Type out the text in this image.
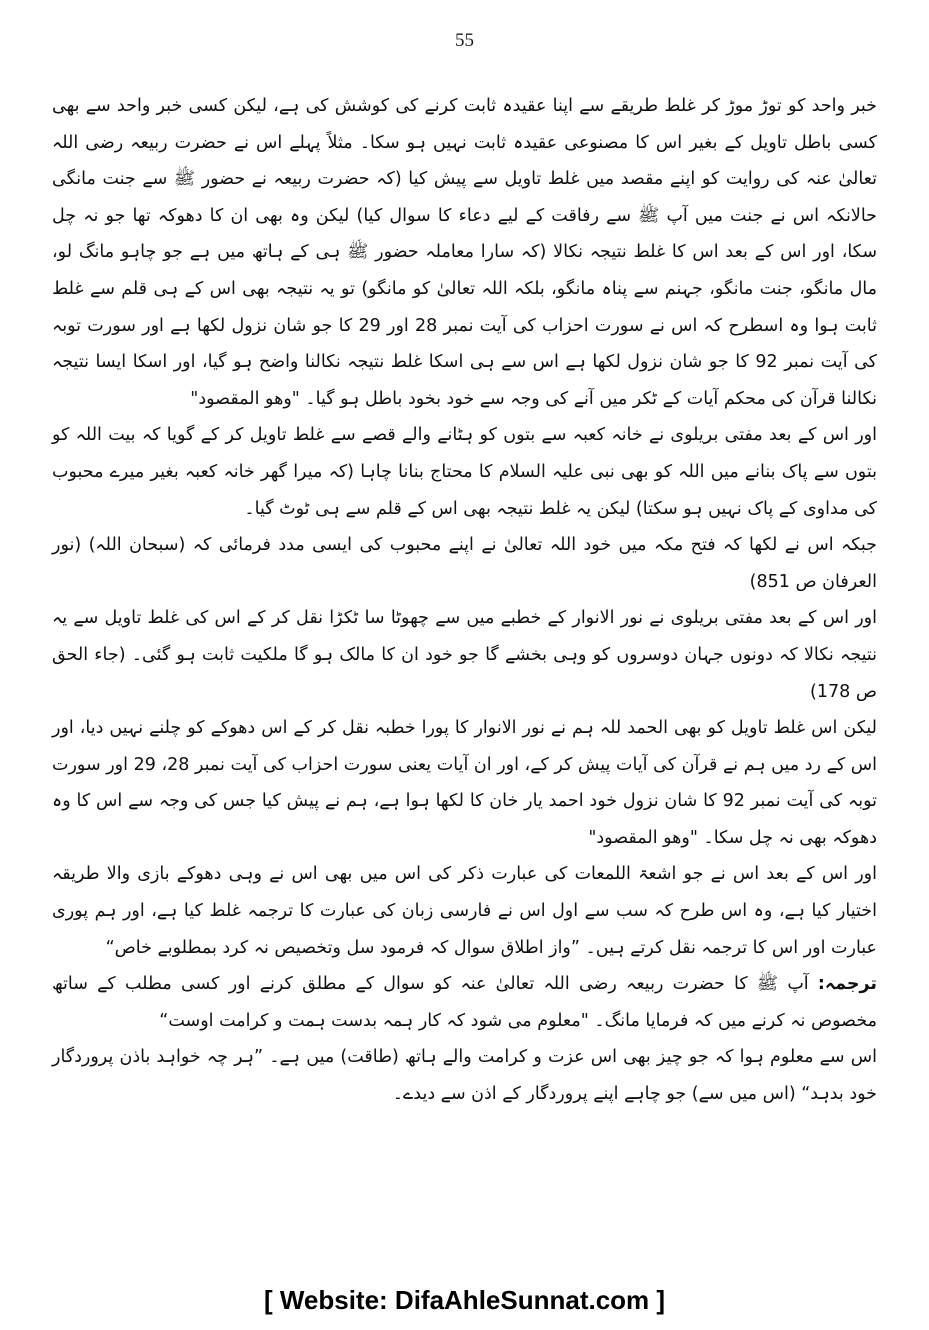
55

خبر واحد کو توڑ موڑ کر غلط طریقے سے اپنا عقیدہ ثابت کرنے کی کوشش کی ہے، لیکن کسی خبر واحد سے بھی کسی باطل تاویل کے بغیر اس کا مصنوعی عقیدہ ثابت نہیں ہو سکا۔ مثلاً پہلے اس نے حضرت ربیعہ رضی اللہ تعالیٰ عنہ کی روایت کو اپنے مقصد میں غلط تاویل سے پیش کیا (کہ حضرت ربیعہ نے حضور ﷺ سے جنت مانگی حالانکہ اس نے جنت میں آپ ﷺ سے رفاقت کے لیے دعاء کا سوال کیا) لیکن وہ بھی ان کا دھوکہ تھا جو نہ چل سکا، اور اس کے بعد اس کا غلط نتیجہ نکالا (کہ سارا معاملہ حضور ﷺ ہی کے ہاتھ میں ہے جو چاہو مانگ لو، مال مانگو، جنت مانگو، جہنم سے پناہ مانگو، بلکہ اللہ تعالیٰ کو مانگو) تو یہ نتیجہ بھی اس کے ہی قلم سے غلط ثابت ہوا وہ اسطرح کہ اس نے سورت احزاب کی آیت نمبر 28 اور 29 کا جو شان نزول لکھا ہے اور سورت توبہ کی آیت نمبر 92 کا جو شان نزول لکھا ہے اس سے ہی اسکا غلط نتیجہ نکالنا واضح ہو گیا، اور اسکا ایسا نتیجہ نکالنا قرآن کی محکم آیات کے ٹکر میں آنے کی وجہ سے خود بخود باطل ہو گیا۔ "وھو المقصود"

اور اس کے بعد مفتی بریلوی نے خانہ کعبہ سے بتوں کو ہٹانے والے قصے سے غلط تاویل کر کے گویا کہ بیت اللہ کو بتوں سے پاک بنانے میں اللہ کو بھی نبی علیہ السلام کا محتاج بنانا چاہا (کہ میرا گھر خانہ کعبہ بغیر میرے محبوب کی مداوی کے پاک نہیں ہو سکتا) لیکن یہ غلط نتیجہ بھی اس کے قلم سے ہی ٹوٹ گیا۔

جبکہ اس نے لکھا کہ فتح مکہ میں خود اللہ تعالیٰ نے اپنے محبوب کی ایسی مدد فرمائی کہ (سبحان اللہ) (نور العرفان ص 851)

اور اس کے بعد مفتی بریلوی نے نور الانوار کے خطبے میں سے چھوٹا سا ٹکڑا نقل کر کے اس کی غلط تاویل سے یہ نتیجہ نکالا کہ دونوں جہان دوسروں کو وہی بخشے گا جو خود ان کا مالک ہو گا ملکیت ثابت ہو گئی۔ (جاء الحق ص 178)

لیکن اس غلط تاویل کو بھی الحمد للہ ہم نے نور الانوار کا پورا خطبہ نقل کر کے اس دھوکے کو چلنے نہیں دیا، اور اس کے رد میں ہم نے قرآن کی آیات پیش کر کے، اور ان آیات یعنی سورت احزاب کی آیت نمبر 28، 29 اور سورت توبہ کی آیت نمبر 92 کا شان نزول خود احمد یار خان کا لکھا ہوا ہے، ہم نے پیش کیا جس کی وجہ سے اس کا وہ دھوکہ بھی نہ چل سکا۔ "وھو المقصود"

اور اس کے بعد اس نے جو اشعۃ اللمعات کی عبارت ذکر کی اس میں بھی اس نے وہی دھوکے بازی والا طریقہ اختیار کیا ہے، وہ اس طرح کہ سب سے اول اس نے فارسی زبان کی عبارت کا ترجمہ غلط کیا ہے، اور ہم پوری عبارت اور اس کا ترجمہ نقل کرتے ہیں۔ ”واز اطلاق سوال کہ فرمود سل وتخصیص نہ کرد بمطلوبے خاص“

ترجمہ: آپ ﷺ کا حضرت ربیعہ رضی اللہ تعالیٰ عنہ کو سوال کے مطلق کرنے اور کسی مطلب کے ساتھ مخصوص نہ کرنے میں کہ فرمایا مانگ۔ "معلوم می شود کہ کار ہمہ بدست ہمت و کرامت اوست“

اس سے معلوم ہوا کہ جو چیز بھی اس عزت و کرامت والے ہاتھ (طاقت) میں ہے۔ ”ہر چہ خواہد باذن پروردگار خود بدہد“ (اس میں سے) جو چاہے اپنے پروردگار کے اذن سے دیدے۔

[ Website: DifaAhleSunnat.com ]
